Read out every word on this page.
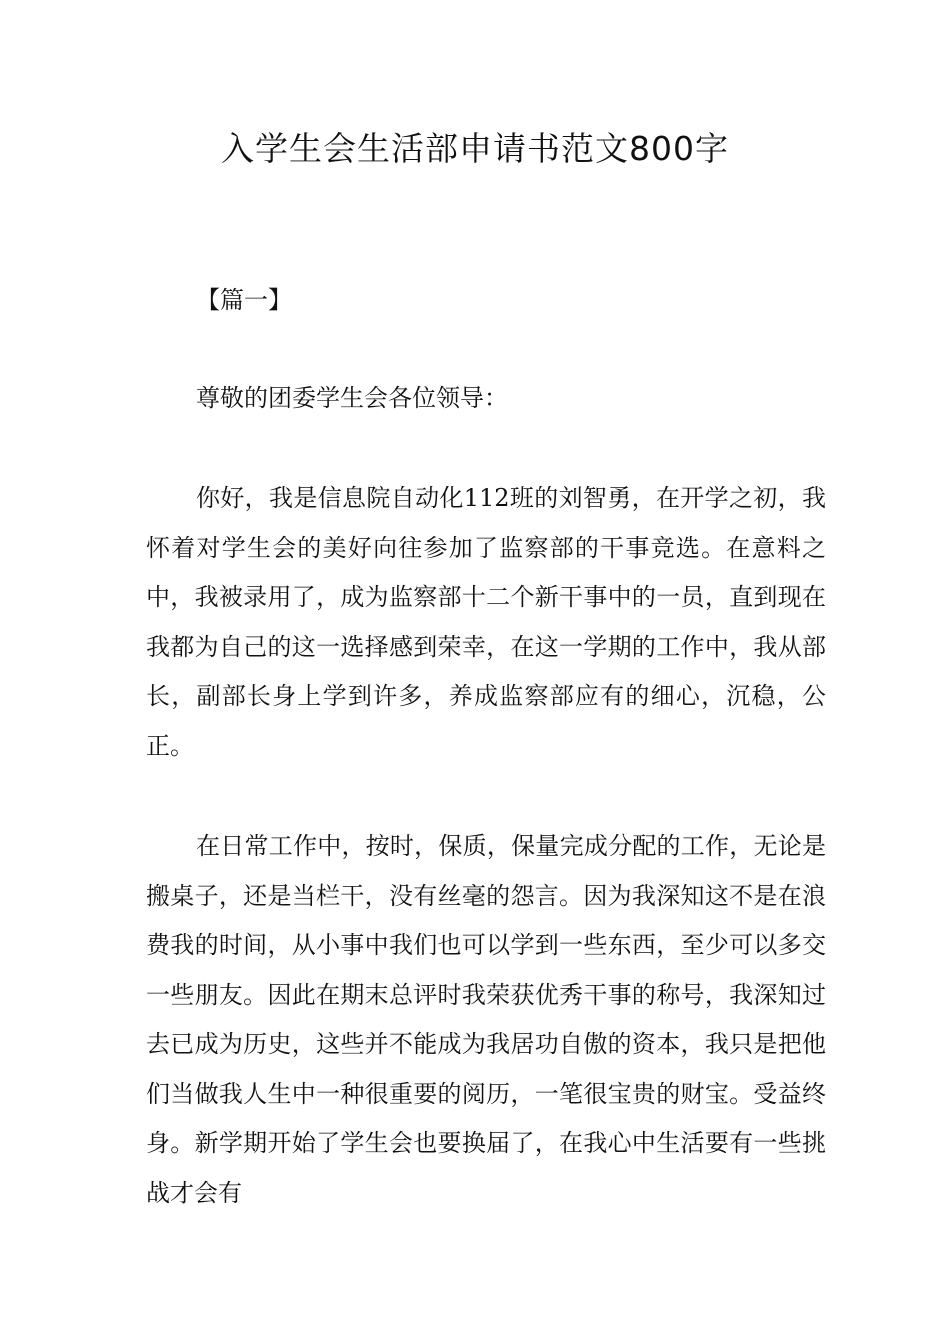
入学生会生活部申请书范文800字

【篇一】

尊敬的团委学生会各位领导：

你好，我是信息院自动化112班的刘智勇，在开学之初，我怀着对学生会的美好向往参加了监察部的干事竞选。在意料之中，我被录用了，成为监察部十二个新干事中的一员，直到现在我都为自己的这一选择感到荣幸，在这一学期的工作中，我从部长，副部长身上学到许多，养成监察部应有的细心，沉稳，公正。

在日常工作中，按时，保质，保量完成分配的工作，无论是搬桌子，还是当栏干，没有丝毫的怨言。因为我深知这不是在浪费我的时间，从小事中我们也可以学到一些东西，至少可以多交一些朋友。因此在期末总评时我荣获优秀干事的称号，我深知过去已成为历史，这些并不能成为我居功自傲的资本，我只是把他们当做我人生中一种很重要的阅历，一笔很宝贵的财宝。受益终身。新学期开始了学生会也要换届了，在我心中生活要有一些挑战才会有
